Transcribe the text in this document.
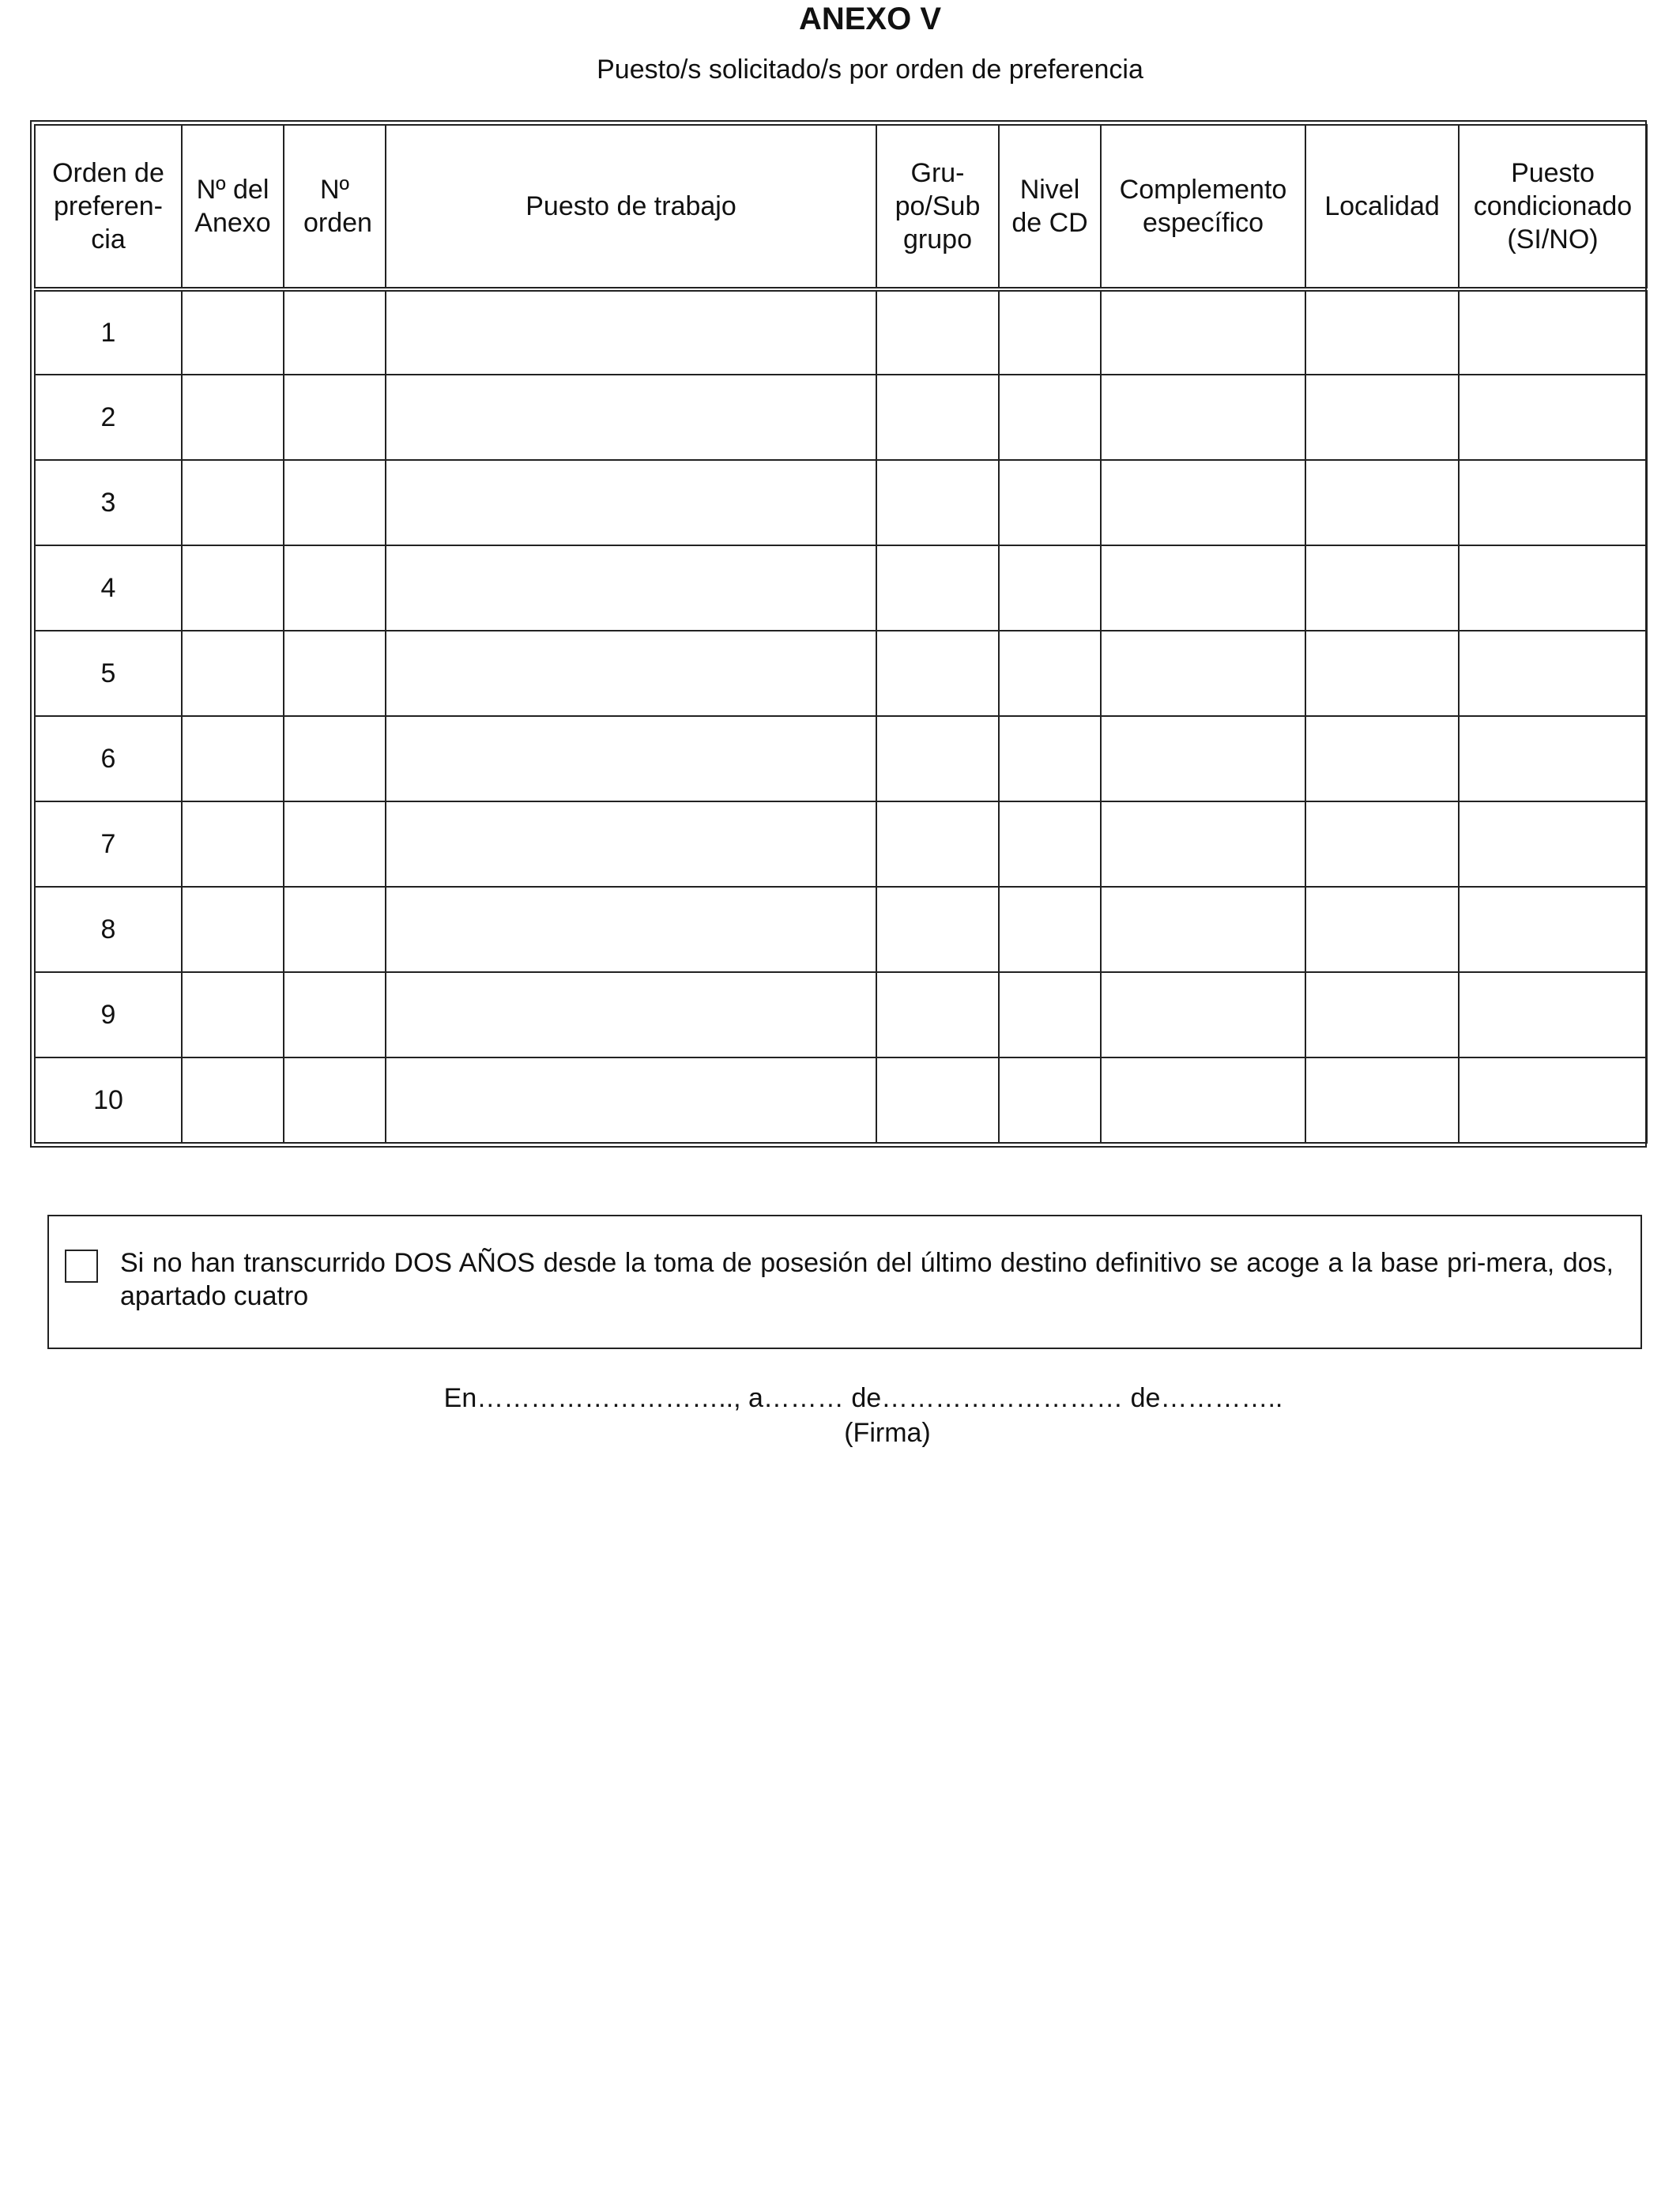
ANEXO V
Puesto/s solicitado/s por orden de preferencia
Orden de preferen-cia	Nº del Anexo	Nº orden	Puesto de trabajo	Gru-po/Sub grupo	Nivel de CD	Complemento específico	Localidad	Puesto condicionado (SI/NO)
1								
2								
3								
4								
5								
6								
7								
8								
9								
10								
Si no han transcurrido DOS AÑOS desde la toma de posesión del último destino definitivo se acoge a la base pri-mera, dos, apartado cuatro
En……………………….., a……… de……………………… de…………..
(Firma)
